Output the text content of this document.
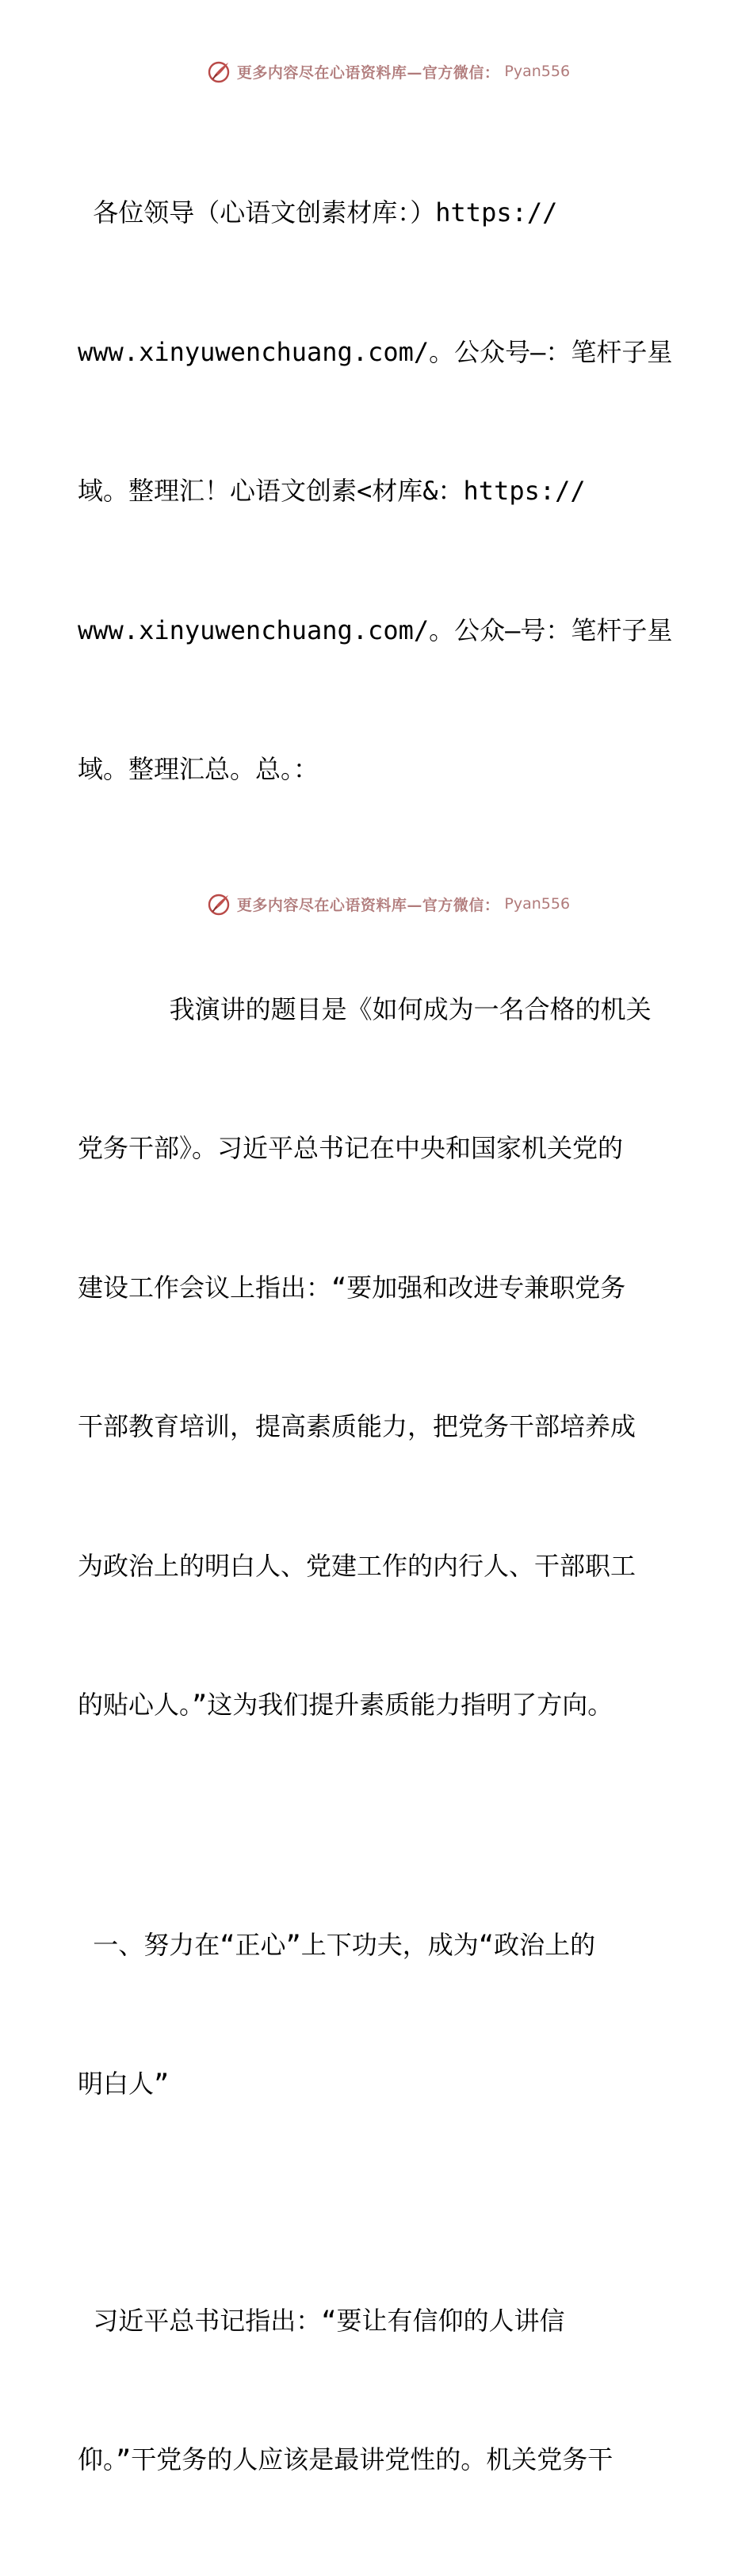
更多内容尽在心语资料库—官方微信： Pyan556

各位领导（心语文创素材库：）https://

www.xinyuwenchuang.com/。公众号—：笔杆子星

域。整理汇！心语文创素<材库&：https://

www.xinyuwenchuang.com/。公众—号：笔杆子星

域。整理汇总。总。：

我演讲的题目是《如何成为一名合格的机关

党务干部》。习近平总书记在中央和国家机关党的

建设工作会议上指出：“要加强和改进专兼职党务

干部教育培训，提高素质能力，把党务干部培养成

为政治上的明白人、党建工作的内行人、干部职工

的贴心人。”这为我们提升素质能力指明了方向。

一、努力在“正心”上下功夫，成为“政治上的

明白人”

习近平总书记指出：“要让有信仰的人讲信

仰。”干党务的人应该是最讲党性的。机关党务干

更多内容尽在心语资料库—官方微信： Pyan556
